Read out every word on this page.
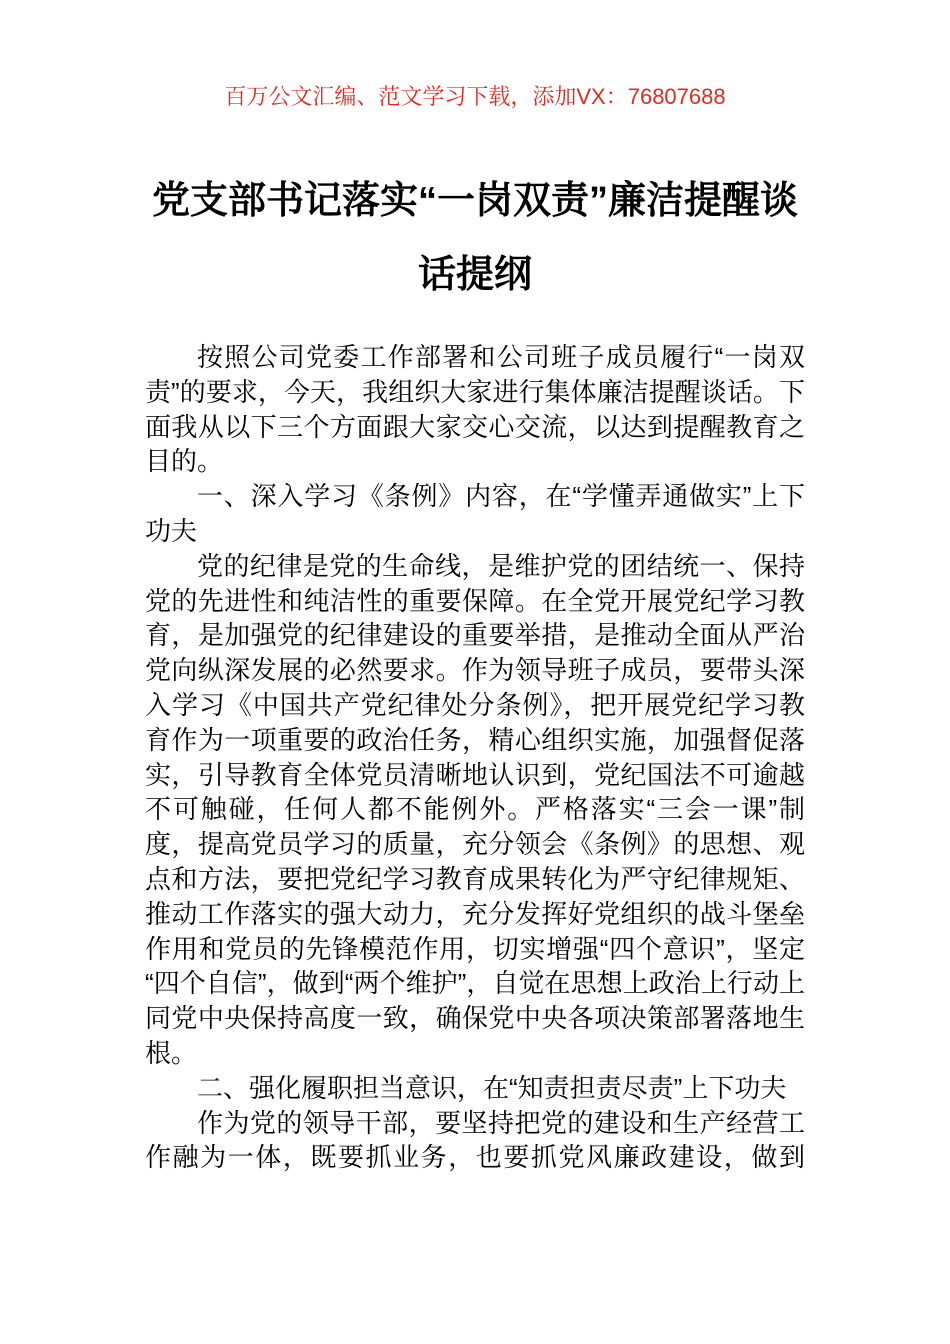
百万公文汇编、范文学习下载，添加VX：76807688
党支部书记落实“一岗双责”廉洁提醒谈
话提纲

按照公司党委工作部署和公司班子成员履行“一岗双责”的要求，今天，我组织大家进行集体廉洁提醒谈话。下面我从以下三个方面跟大家交心交流，以达到提醒教育之目的。

一、深入学习《条例》内容，在“学懂弄通做实”上下功夫

党的纪律是党的生命线，是维护党的团结统一、保持党的先进性和纯洁性的重要保障。在全党开展党纪学习教育，是加强党的纪律建设的重要举措，是推动全面从严治党向纵深发展的必然要求。作为领导班子成员，要带头深入学习《中国共产党纪律处分条例》，把开展党纪学习教育作为一项重要的政治任务，精心组织实施，加强督促落实，引导教育全体党员清晰地认识到，党纪国法不可逾越不可触碰，任何人都不能例外。严格落实“三会一课”制度，提高党员学习的质量，充分领会《条例》的思想、观点和方法，要把党纪学习教育成果转化为严守纪律规矩、推动工作落实的强大动力，充分发挥好党组织的战斗堡垒作用和党员的先锋模范作用，切实增强“四个意识”，坚定“四个自信”，做到“两个维护”，自觉在思想上政治上行动上同党中央保持高度一致，确保党中央各项决策部署落地生根。

二、强化履职担当意识，在“知责担责尽责”上下功夫

作为党的领导干部，要坚持把党的建设和生产经营工作融为一体，既要抓业务，也要抓党风廉政建设，做到
